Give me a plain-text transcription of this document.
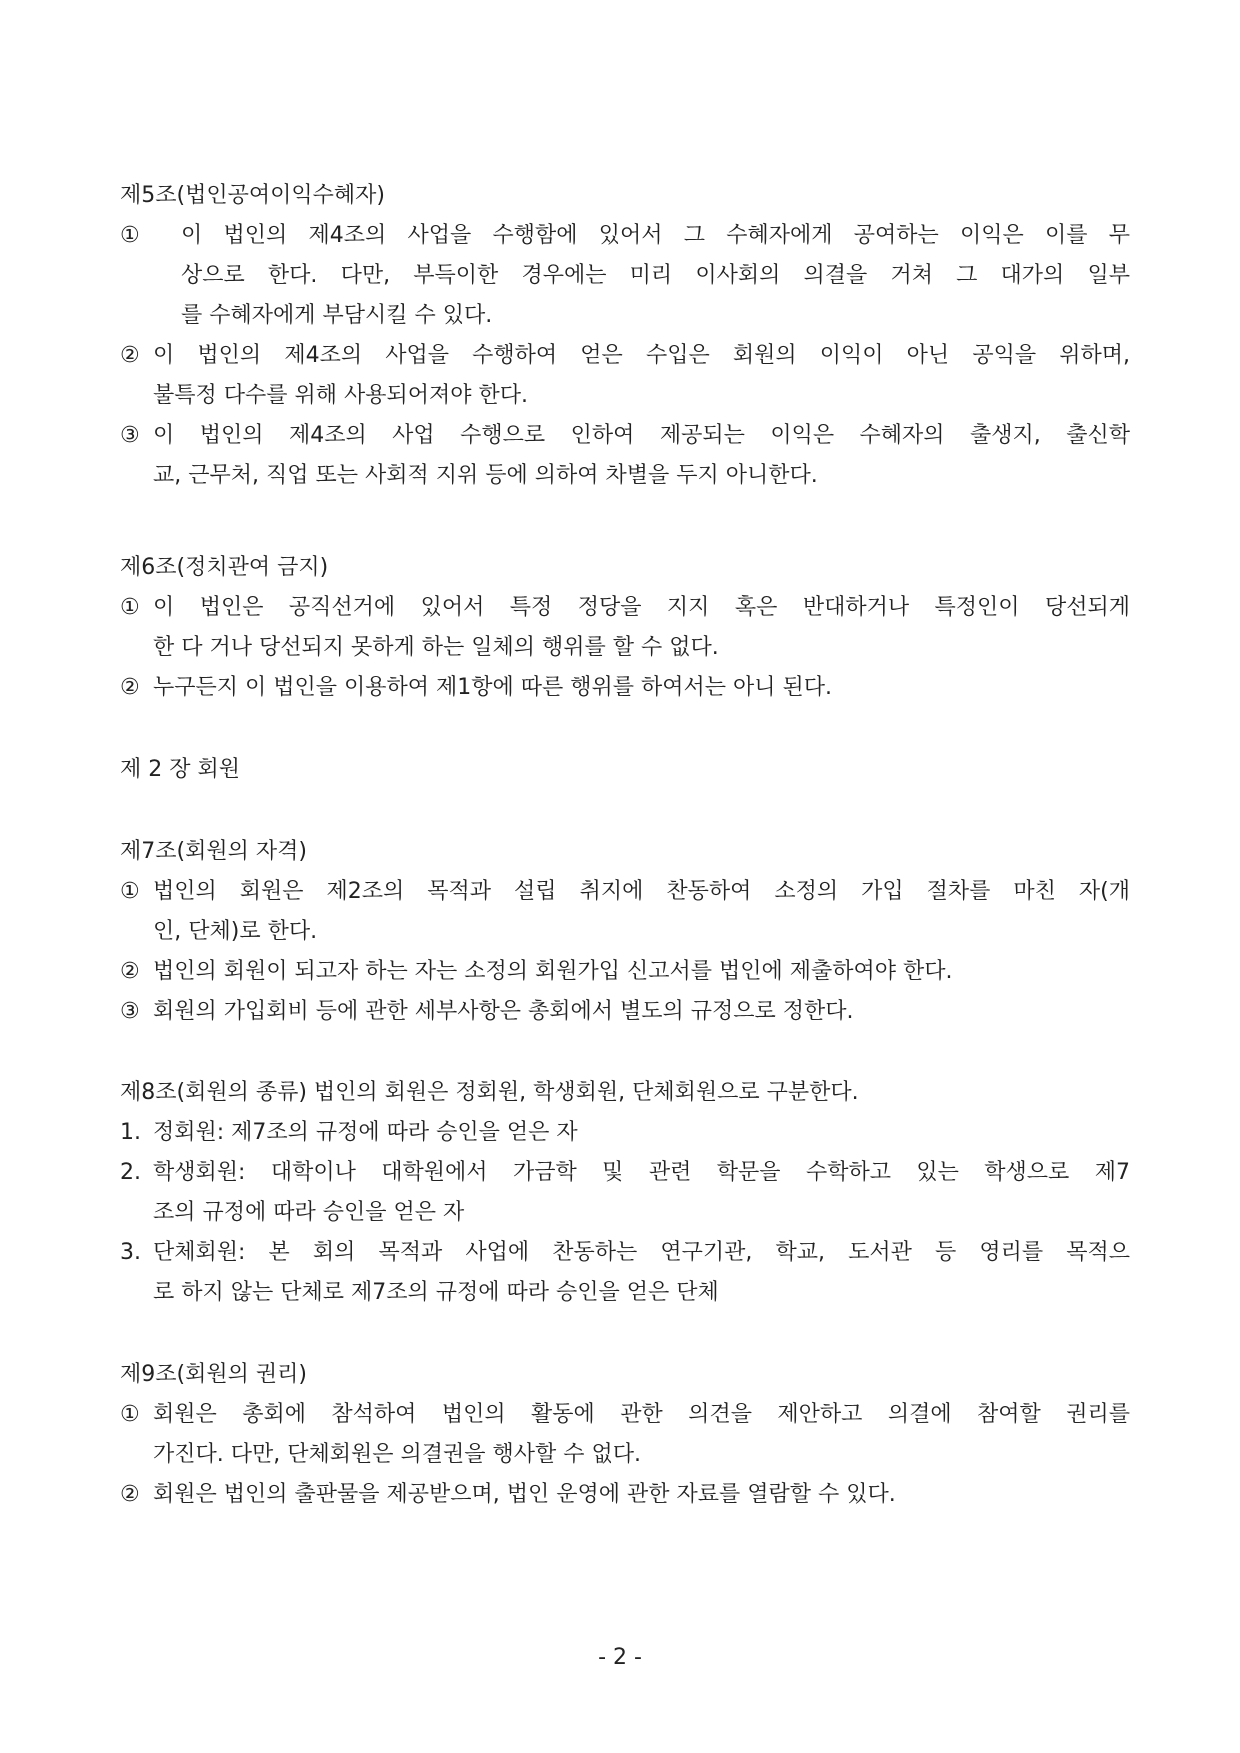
제5조(법인공여이익수혜자)
①	이 법인의 제4조의 사업을 수행함에 있어서 그 수혜자에게 공여하는 이익은 이를 무
상으로 한다. 다만, 부득이한 경우에는 미리 이사회의 의결을 거쳐 그 대가의 일부
를 수혜자에게 부담시킬 수 있다.
② 이 법인의 제4조의 사업을 수행하여 얻은 수입은 회원의 이익이 아닌 공익을 위하며,
불특정 다수를 위해 사용되어져야 한다.
③ 이 법인의 제4조의 사업 수행으로 인하여 제공되는 이익은 수혜자의 출생지, 출신학
교, 근무처, 직업 또는 사회적 지위 등에 의하여 차별을 두지 아니한다.
제6조(정치관여 금지)
① 이 법인은 공직선거에 있어서 특정 정당을 지지 혹은 반대하거나 특정인이 당선되게
한 다 거나 당선되지 못하게 하는 일체의 행위를 할 수 없다.
② 누구든지 이 법인을 이용하여 제1항에 따른 행위를 하여서는 아니 된다.
제 2 장 회원
제7조(회원의 자격)
① 법인의 회원은 제2조의 목적과 설립 취지에 찬동하여 소정의 가입 절차를 마친 자(개
인, 단체)로 한다.
② 법인의 회원이 되고자 하는 자는 소정의 회원가입 신고서를 법인에 제출하여야 한다.
③ 회원의 가입회비 등에 관한 세부사항은 총회에서 별도의 규정으로 정한다.
제8조(회원의 종류) 법인의 회원은 정회원, 학생회원, 단체회원으로 구분한다.
1. 정회원: 제7조의 규정에 따라 승인을 얻은 자
2. 학생회원: 대학이나 대학원에서 가금학 및 관련 학문을 수학하고 있는 학생으로 제7
조의 규정에 따라 승인을 얻은 자
3. 단체회원: 본 회의 목적과 사업에 찬동하는 연구기관, 학교, 도서관 등 영리를 목적으
로 하지 않는 단체로 제7조의 규정에 따라 승인을 얻은 단체
제9조(회원의 권리)
① 회원은 총회에 참석하여 법인의 활동에 관한 의견을 제안하고 의결에 참여할 권리를
가진다. 다만, 단체회원은 의결권을 행사할 수 없다.
② 회원은 법인의 출판물을 제공받으며, 법인 운영에 관한 자료를 열람할 수 있다.
- 2 -
